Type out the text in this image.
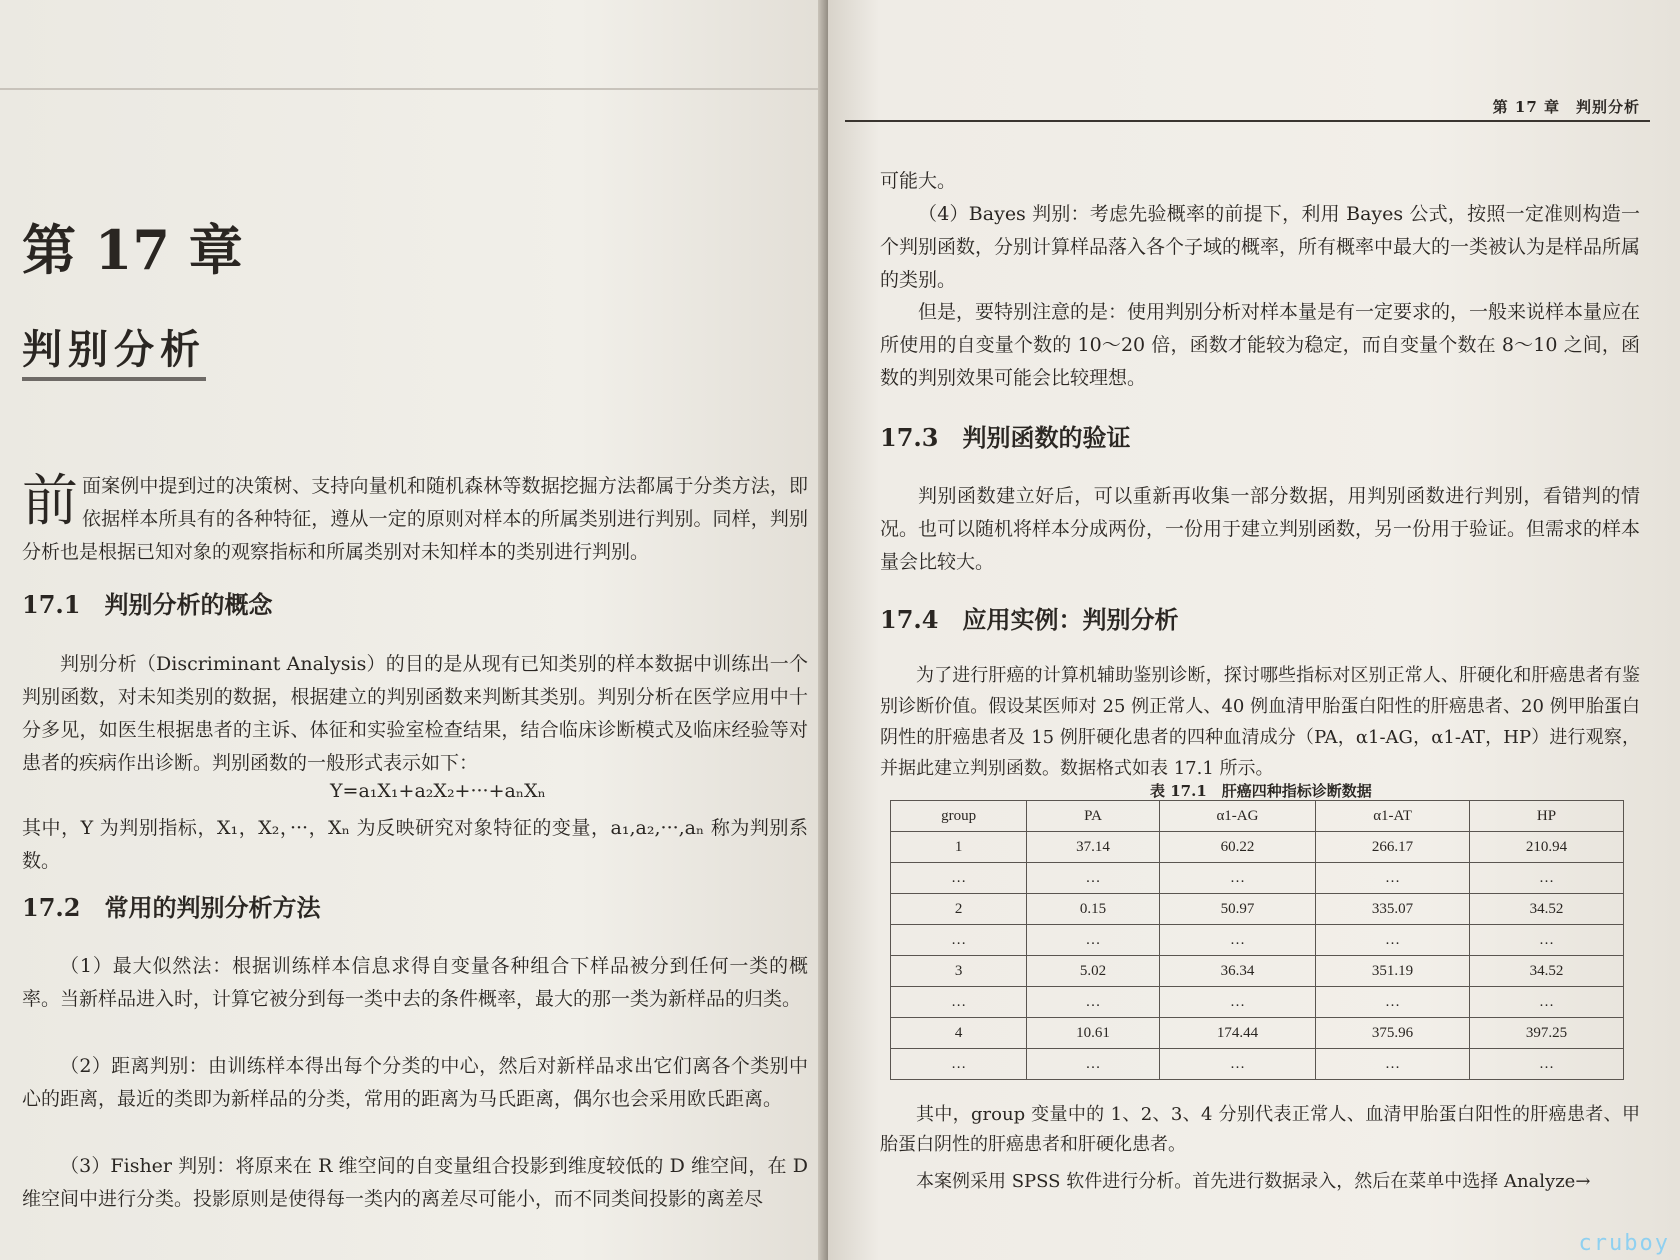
第 17 章
判别分析
前面案例中提到过的决策树、支持向量机和随机森林等数据挖掘方法都属于分类方法，即依据样本所具有的各种特征，遵从一定的原则对样本的所属类别进行判别。同样，判别分析也是根据已知对象的观察指标和所属类别对未知样本的类别进行判别。
17.1　判别分析的概念
判别分析（Discriminant Analysis）的目的是从现有已知类别的样本数据中训练出一个判别函数，对未知类别的数据，根据建立的判别函数来判断其类别。判别分析在医学应用中十分多见，如医生根据患者的主诉、体征和实验室检查结果，结合临床诊断模式及临床经验等对患者的疾病作出诊断。判别函数的一般形式表示如下：
Y=a₁X₁+a₂X₂+···+aₙXₙ
其中，Y 为判别指标，X₁，X₂，···，Xₙ 为反映研究对象特征的变量，a₁,a₂,···,aₙ 称为判别系数。
17.2　常用的判别分析方法
（1）最大似然法：根据训练样本信息求得自变量各种组合下样品被分到任何一类的概率。当新样品进入时，计算它被分到每一类中去的条件概率，最大的那一类为新样品的归类。
（2）距离判别：由训练样本得出每个分类的中心，然后对新样品求出它们离各个类别中心的距离，最近的类即为新样品的分类，常用的距离为马氏距离，偶尔也会采用欧氏距离。
（3）Fisher 判别：将原来在 R 维空间的自变量组合投影到维度较低的 D 维空间，在 D 维空间中进行分类。投影原则是使得每一类内的离差尽可能小，而不同类间投影的离差尽
第 17 章　判别分析
可能大。
（4）Bayes 判别：考虑先验概率的前提下，利用 Bayes 公式，按照一定准则构造一个判别函数，分别计算样品落入各个子域的概率，所有概率中最大的一类被认为是样品所属的类别。
但是，要特别注意的是：使用判别分析对样本量是有一定要求的，一般来说样本量应在所使用的自变量个数的 10～20 倍，函数才能较为稳定，而自变量个数在 8～10 之间，函数的判别效果可能会比较理想。
17.3　判别函数的验证
判别函数建立好后，可以重新再收集一部分数据，用判别函数进行判别，看错判的情况。也可以随机将样本分成两份，一份用于建立判别函数，另一份用于验证。但需求的样本量会比较大。
17.4　应用实例：判别分析
为了进行肝癌的计算机辅助鉴别诊断，探讨哪些指标对区别正常人、肝硬化和肝癌患者有鉴别诊断价值。假设某医师对 25 例正常人、40 例血清甲胎蛋白阳性的肝癌患者、20 例甲胎蛋白阴性的肝癌患者及 15 例肝硬化患者的四种血清成分（PA，α1-AG，α1-AT，HP）进行观察，并据此建立判别函数。数据格式如表 17.1 所示。
表 17.1　肝癌四种指标诊断数据
group	PA	α1-AG	α1-AT	HP
1	37.14	60.22	266.17	210.94
…	…	…	…	…
2	0.15	50.97	335.07	34.52
…	…	…	…	…
3	5.02	36.34	351.19	34.52
…	…	…	…	…
4	10.61	174.44	375.96	397.25
…	…	…	…	…
其中，group 变量中的 1、2、3、4 分别代表正常人、血清甲胎蛋白阳性的肝癌患者、甲胎蛋白阴性的肝癌患者和肝硬化患者。
本案例采用 SPSS 软件进行分析。首先进行数据录入，然后在菜单中选择 Analyze→
cruboy
